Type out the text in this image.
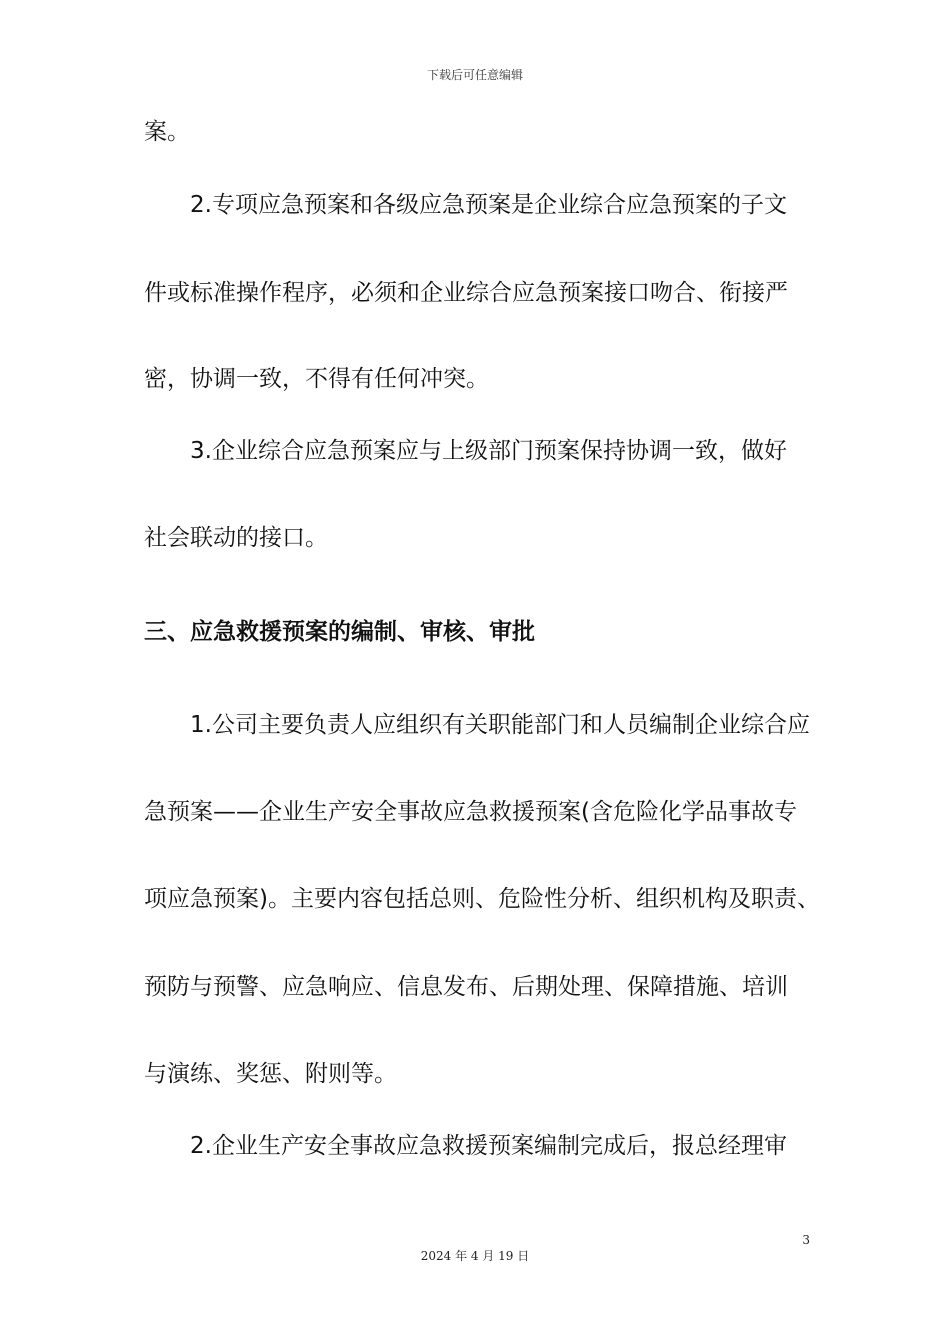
下载后可任意编辑
案。
2.专项应急预案和各级应急预案是企业综合应急预案的子文
件或标准操作程序，必须和企业综合应急预案接口吻合、衔接严
密，协调一致，不得有任何冲突。
3.企业综合应急预案应与上级部门预案保持协调一致，做好
社会联动的接口。
三、应急救援预案的编制、审核、审批
1.公司主要负责人应组织有关职能部门和人员编制企业综合应
急预案——企业生产安全事故应急救援预案(含危险化学品事故专
项应急预案)。主要内容包括总则、危险性分析、组织机构及职责、
预防与预警、应急响应、信息发布、后期处理、保障措施、培训
与演练、奖惩、附则等。
2.企业生产安全事故应急救援预案编制完成后，报总经理审
3
2024 年 4 月 19 日
